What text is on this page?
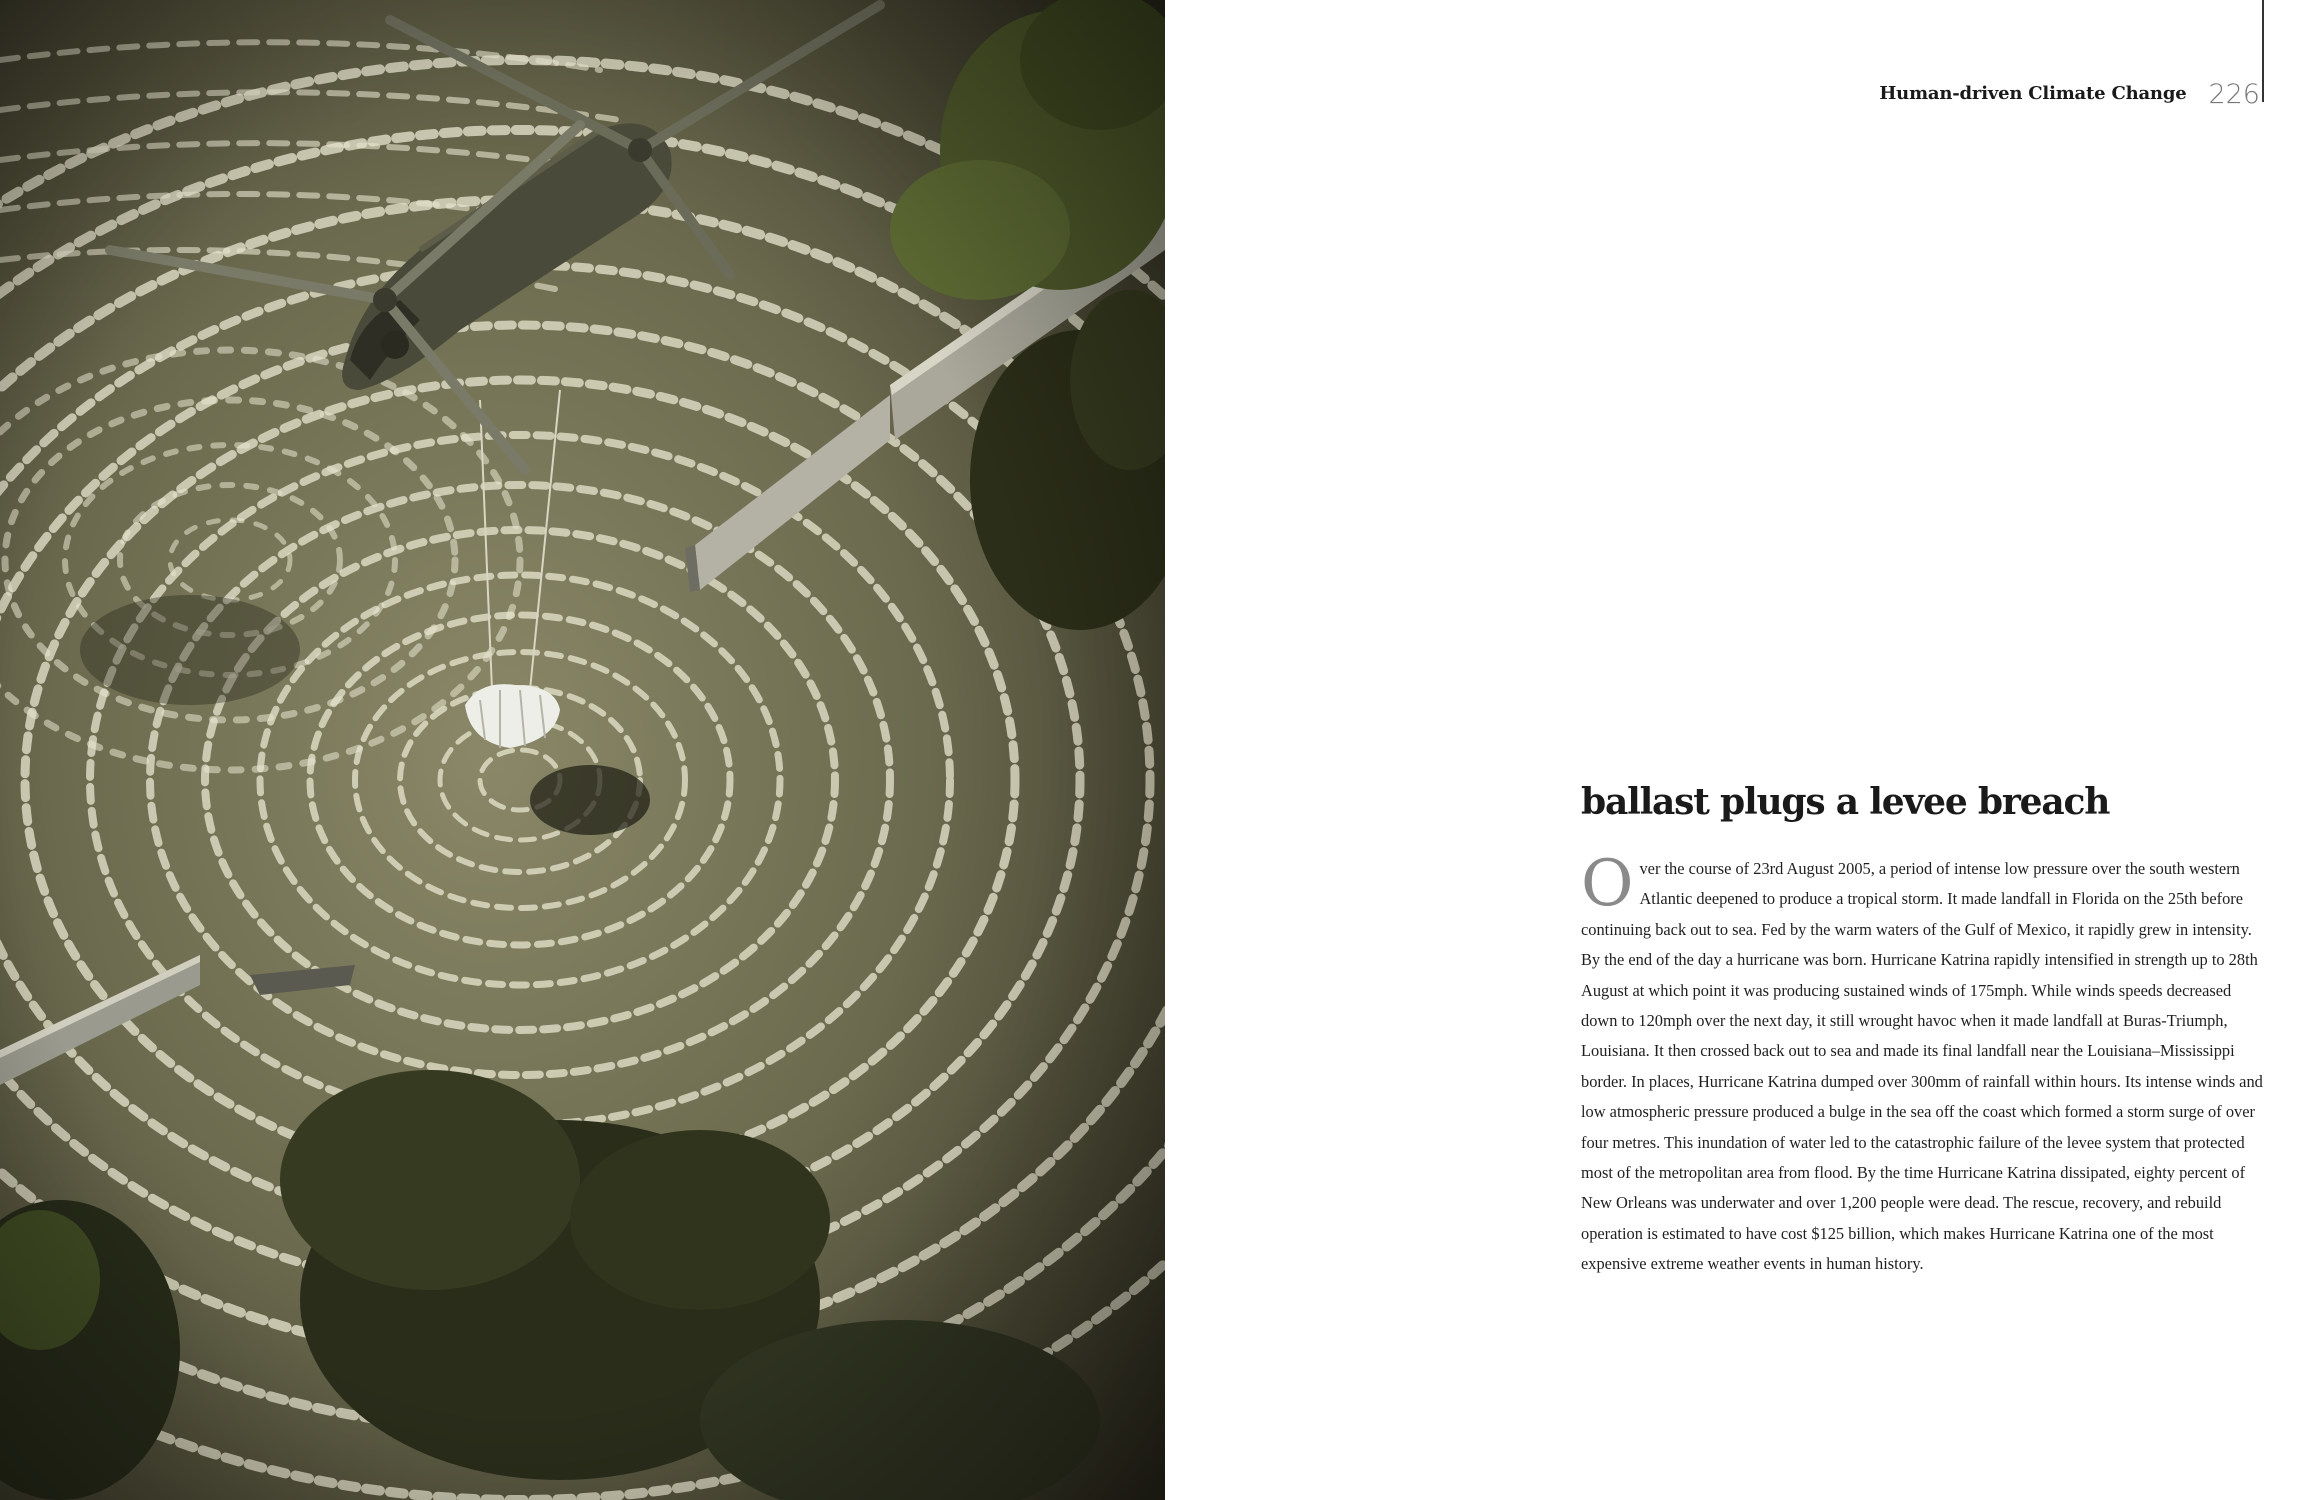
Human-driven Climate Change 226
ballast plugs a levee breach

Over the course of 23rd August 2005, a period of intense low pressure over the south western Atlantic deepened to produce a tropical storm. It made landfall in Florida on the 25th before continuing back out to sea. Fed by the warm waters of the Gulf of Mexico, it rapidly grew in intensity. By the end of the day a hurricane was born. Hurricane Katrina rapidly intensified in strength up to 28th August at which point it was producing sustained winds of 175mph. While winds speeds decreased down to 120mph over the next day, it still wrought havoc when it made landfall at Buras-Triumph, Louisiana. It then crossed back out to sea and made its final landfall near the Louisiana–Mississippi border. In places, Hurricane Katrina dumped over 300mm of rainfall within hours. Its intense winds and low atmospheric pressure produced a bulge in the sea off the coast which formed a storm surge of over four metres. This inundation of water led to the catastrophic failure of the levee system that protected most of the metropolitan area from flood. By the time Hurricane Katrina dissipated, eighty percent of New Orleans was underwater and over 1,200 people were dead. The rescue, recovery, and rebuild operation is estimated to have cost $125 billion, which makes Hurricane Katrina one of the most expensive extreme weather events in human history.
